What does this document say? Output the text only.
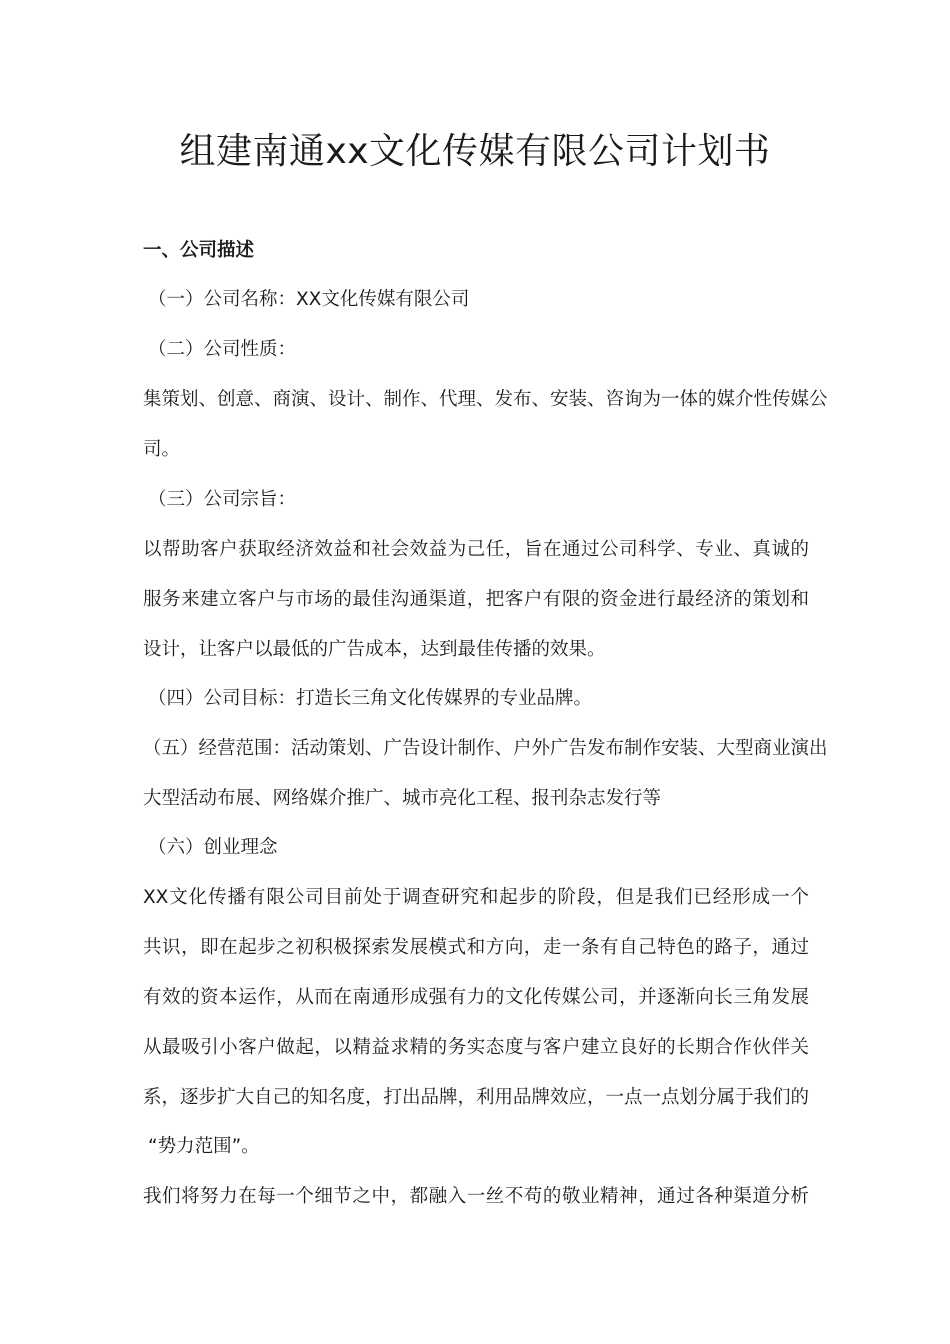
组建南通xx文化传媒有限公司计划书
一、公司描述
（一）公司名称：XX文化传媒有限公司
（二）公司性质：
集策划、创意、商演、设计、制作、代理、发布、安装、咨询为一体的媒介性传媒公
司。
（三）公司宗旨：
以帮助客户获取经济效益和社会效益为己任，旨在通过公司科学、专业、真诚的
服务来建立客户与市场的最佳沟通渠道，把客户有限的资金进行最经济的策划和
设计，让客户以最低的广告成本，达到最佳传播的效果。
（四）公司目标：打造长三角文化传媒界的专业品牌。
（五）经营范围：活动策划、广告设计制作、户外广告发布制作安装、大型商业演出
大型活动布展、网络媒介推广、城市亮化工程、报刊杂志发行等
（六）创业理念
XX文化传播有限公司目前处于调查研究和起步的阶段，但是我们已经形成一个
共识，即在起步之初积极探索发展模式和方向，走一条有自己特色的路子，通过
有效的资本运作，从而在南通形成强有力的文化传媒公司，并逐渐向长三角发展
从最吸引小客户做起，以精益求精的务实态度与客户建立良好的长期合作伙伴关
系，逐步扩大自己的知名度，打出品牌，利用品牌效应，一点一点划分属于我们的
“势力范围”。
我们将努力在每一个细节之中，都融入一丝不苟的敬业精神，通过各种渠道分析
